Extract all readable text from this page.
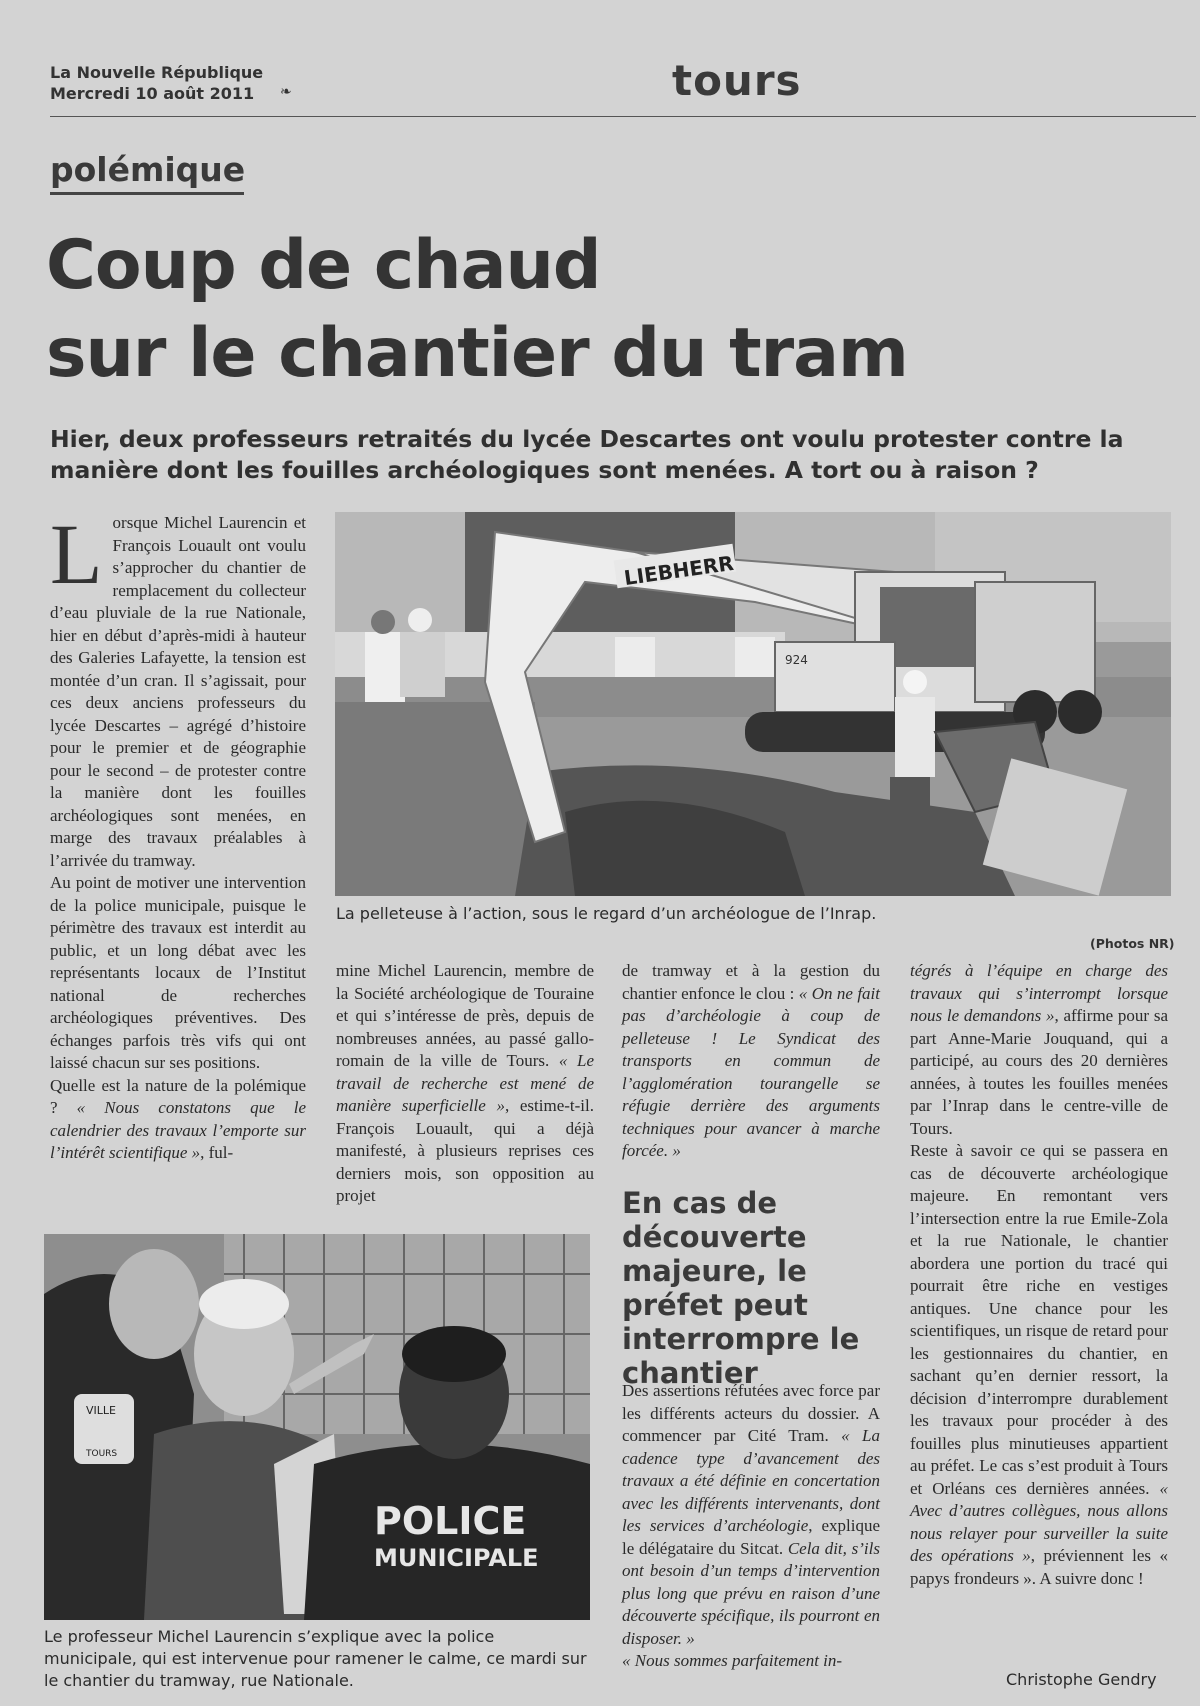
La Nouvelle République
Mercredi 10 août 2011	❧	tours
polémique
Coup de chaud
sur le chantier du tram
Hier, deux professeurs retraités du lycée Descartes ont voulu protester contre la manière dont les fouilles archéologiques sont menées. A tort ou à raison ?

Lorsque Michel Laurencin et François Louault ont voulu s’approcher du chantier de remplacement du collecteur d’eau pluviale de la rue Nationale, hier en début d’après-midi à hauteur des Galeries Lafayette, la tension est montée d’un cran. Il s’agissait, pour ces deux anciens professeurs du lycée Descartes – agrégé d’histoire pour le premier et de géographie pour le second – de protester contre la manière dont les fouilles archéologiques sont menées, en marge des travaux préalables à l’arrivée du tramway.

Au point de motiver une intervention de la police municipale, puisque le périmètre des travaux est interdit au public, et un long débat avec les représentants locaux de l’Institut national de recherches archéologiques préventives. Des échanges parfois très vifs qui ont laissé chacun sur ses positions.

Quelle est la nature de la polémique ? « Nous constatons que le calendrier des travaux l’emporte sur l’intérêt scientifique », ful-

LIEBHERR
924
La pelleteuse à l’action, sous le regard d’un archéologue de l’Inrap.
(Photos NR)

mine Michel Laurencin, membre de la Société archéologique de Touraine et qui s’intéresse de près, depuis de nombreuses années, au passé gallo-romain de la ville de Tours. « Le travail de recherche est mené de manière superficielle », estime-t-il. François Louault, qui a déjà manifesté, à plusieurs reprises ces derniers mois, son opposition au projet

de tramway et à la gestion du chantier enfonce le clou : « On ne fait pas d’archéologie à coup de pelleteuse ! Le Syndicat des transports en commun de l’agglomération tourangelle se réfugie derrière des arguments techniques pour avancer à marche forcée. »

En cas de découverte majeure, le préfet peut interrompre le chantier

Des assertions réfutées avec force par les différents acteurs du dossier. A commencer par Cité Tram. « La cadence type d’avancement des travaux a été définie en concertation avec les différents intervenants, dont les services d’archéologie, explique le délégataire du Sitcat. Cela dit, s’ils ont besoin d’un temps d’intervention plus long que prévu en raison d’une découverte spécifique, ils pourront en disposer. »

« Nous sommes parfaitement in-

tégrés à l’équipe en charge des travaux qui s’interrompt lorsque nous le demandons », affirme pour sa part Anne-Marie Jouquand, qui a participé, au cours des 20 dernières années, à toutes les fouilles menées par l’Inrap dans le centre-ville de Tours.

Reste à savoir ce qui se passera en cas de découverte archéologique majeure. En remontant vers l’intersection entre la rue Emile-Zola et la rue Nationale, le chantier abordera une portion du tracé qui pourrait être riche en vestiges antiques. Une chance pour les scientifiques, un risque de retard pour les gestionnaires du chantier, en sachant qu’en dernier ressort, la décision d’interrompre durablement les travaux pour procéder à des fouilles plus minutieuses appartient au préfet. Le cas s’est produit à Tours et Orléans ces dernières années. « Avec d’autres collègues, nous allons nous relayer pour surveiller la suite des opérations », préviennent les « papys frondeurs ». A suivre donc !

VILLE
TOURS
POLICE
MUNICIPALE
Le professeur Michel Laurencin s’explique avec la police municipale, qui est intervenue pour ramener le calme, ce mardi sur le chantier du tramway, rue Nationale.	Christophe Gendry
